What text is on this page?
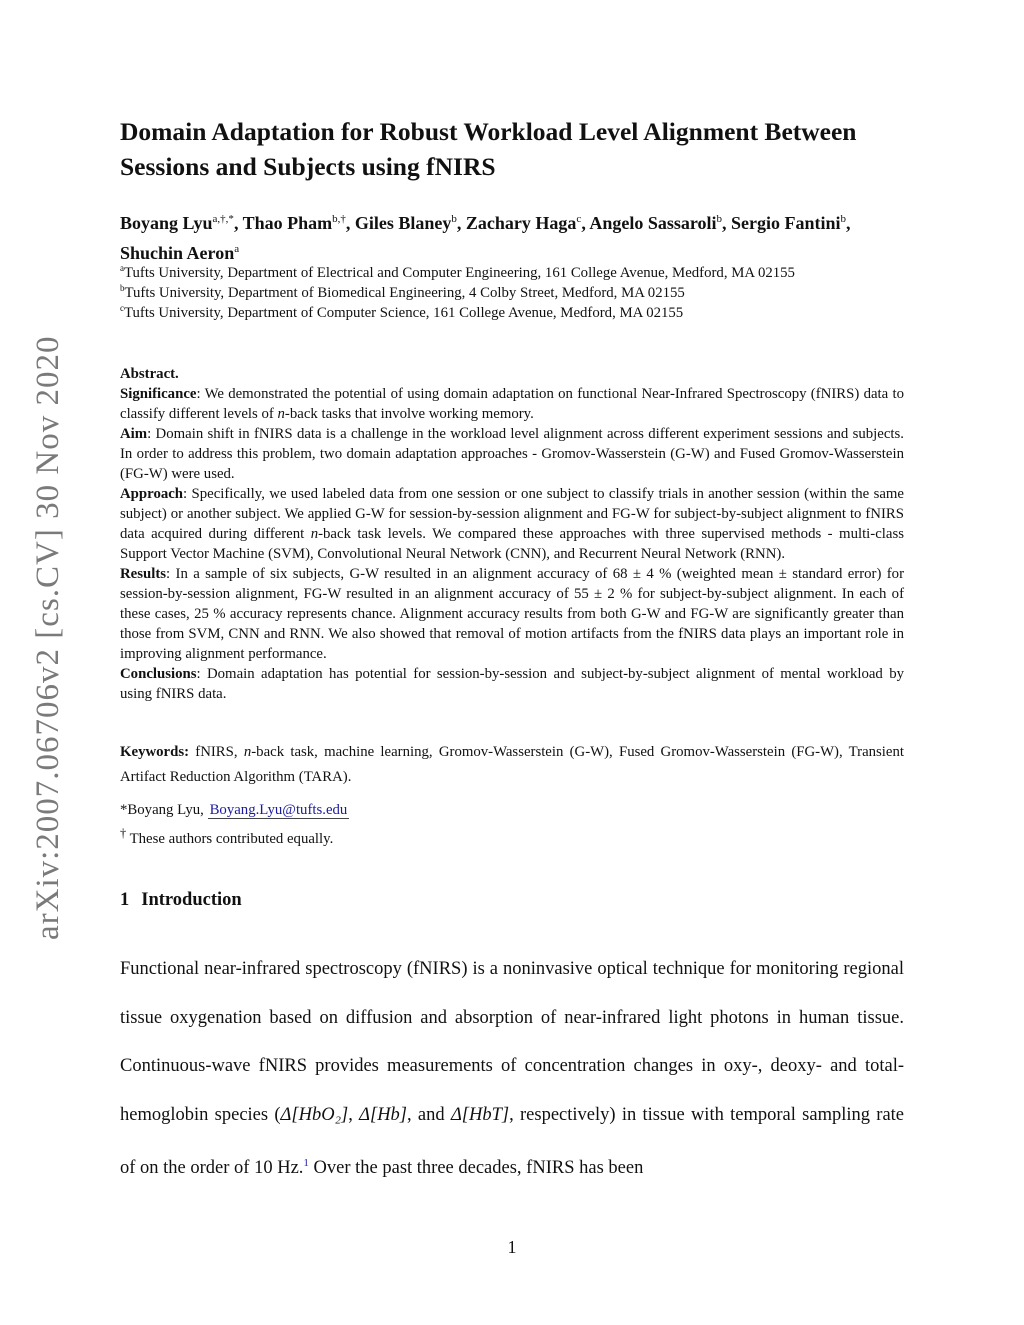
arXiv:2007.06706v2 [cs.CV] 30 Nov 2020
Domain Adaptation for Robust Workload Level Alignment Between Sessions and Subjects using fNIRS
Boyang Lyu$^{a,\dagger,*}$, Thao Pham$^{b,\dagger}$, Giles Blaney$^b$, Zachary Haga$^c$, Angelo Sassaroli$^b$, Sergio Fantini$^b$, Shuchin Aeron$^a$
$^a$Tufts University, Department of Electrical and Computer Engineering, 161 College Avenue, Medford, MA 02155
$^b$Tufts University, Department of Biomedical Engineering, 4 Colby Street, Medford, MA 02155
$^c$Tufts University, Department of Computer Science, 161 College Avenue, Medford, MA 02155

Abstract.

Significance: We demonstrated the potential of using domain adaptation on functional Near-Infrared Spectroscopy (fNIRS) data to classify different levels of n-back tasks that involve working memory.

Aim: Domain shift in fNIRS data is a challenge in the workload level alignment across different experiment sessions and subjects. In order to address this problem, two domain adaptation approaches - Gromov-Wasserstein (G-W) and Fused Gromov-Wasserstein (FG-W) were used.

Approach: Specifically, we used labeled data from one session or one subject to classify trials in another session (within the same subject) or another subject. We applied G-W for session-by-session alignment and FG-W for subject-by-subject alignment to fNIRS data acquired during different n-back task levels. We compared these approaches with three supervised methods - multi-class Support Vector Machine (SVM), Convolutional Neural Network (CNN), and Recurrent Neural Network (RNN).

Results: In a sample of six subjects, G-W resulted in an alignment accuracy of 68 ± 4 % (weighted mean ± standard error) for session-by-session alignment, FG-W resulted in an alignment accuracy of 55 ± 2 % for subject-by-subject alignment. In each of these cases, 25 % accuracy represents chance. Alignment accuracy results from both G-W and FG-W are significantly greater than those from SVM, CNN and RNN. We also showed that removal of motion artifacts from the fNIRS data plays an important role in improving alignment performance.

Conclusions: Domain adaptation has potential for session-by-session and subject-by-subject alignment of mental workload by using fNIRS data.

Keywords: fNIRS, n-back task, machine learning, Gromov-Wasserstein (G-W), Fused Gromov-Wasserstein (FG-W), Transient Artifact Reduction Algorithm (TARA).
*Boyang Lyu, Boyang.Lyu@tufts.edu
† These authors contributed equally.
1 Introduction

Functional near-infrared spectroscopy (fNIRS) is a noninvasive optical technique for monitoring regional tissue oxygenation based on diffusion and absorption of near-infrared light photons in human tissue. Continuous-wave fNIRS provides measurements of concentration changes in oxy-, deoxy- and total-hemoglobin species (Δ[HbO₂], Δ[Hb], and Δ[HbT], respectively) in tissue with temporal sampling rate of on the order of 10 Hz.$^1$ Over the past three decades, fNIRS has been

1
